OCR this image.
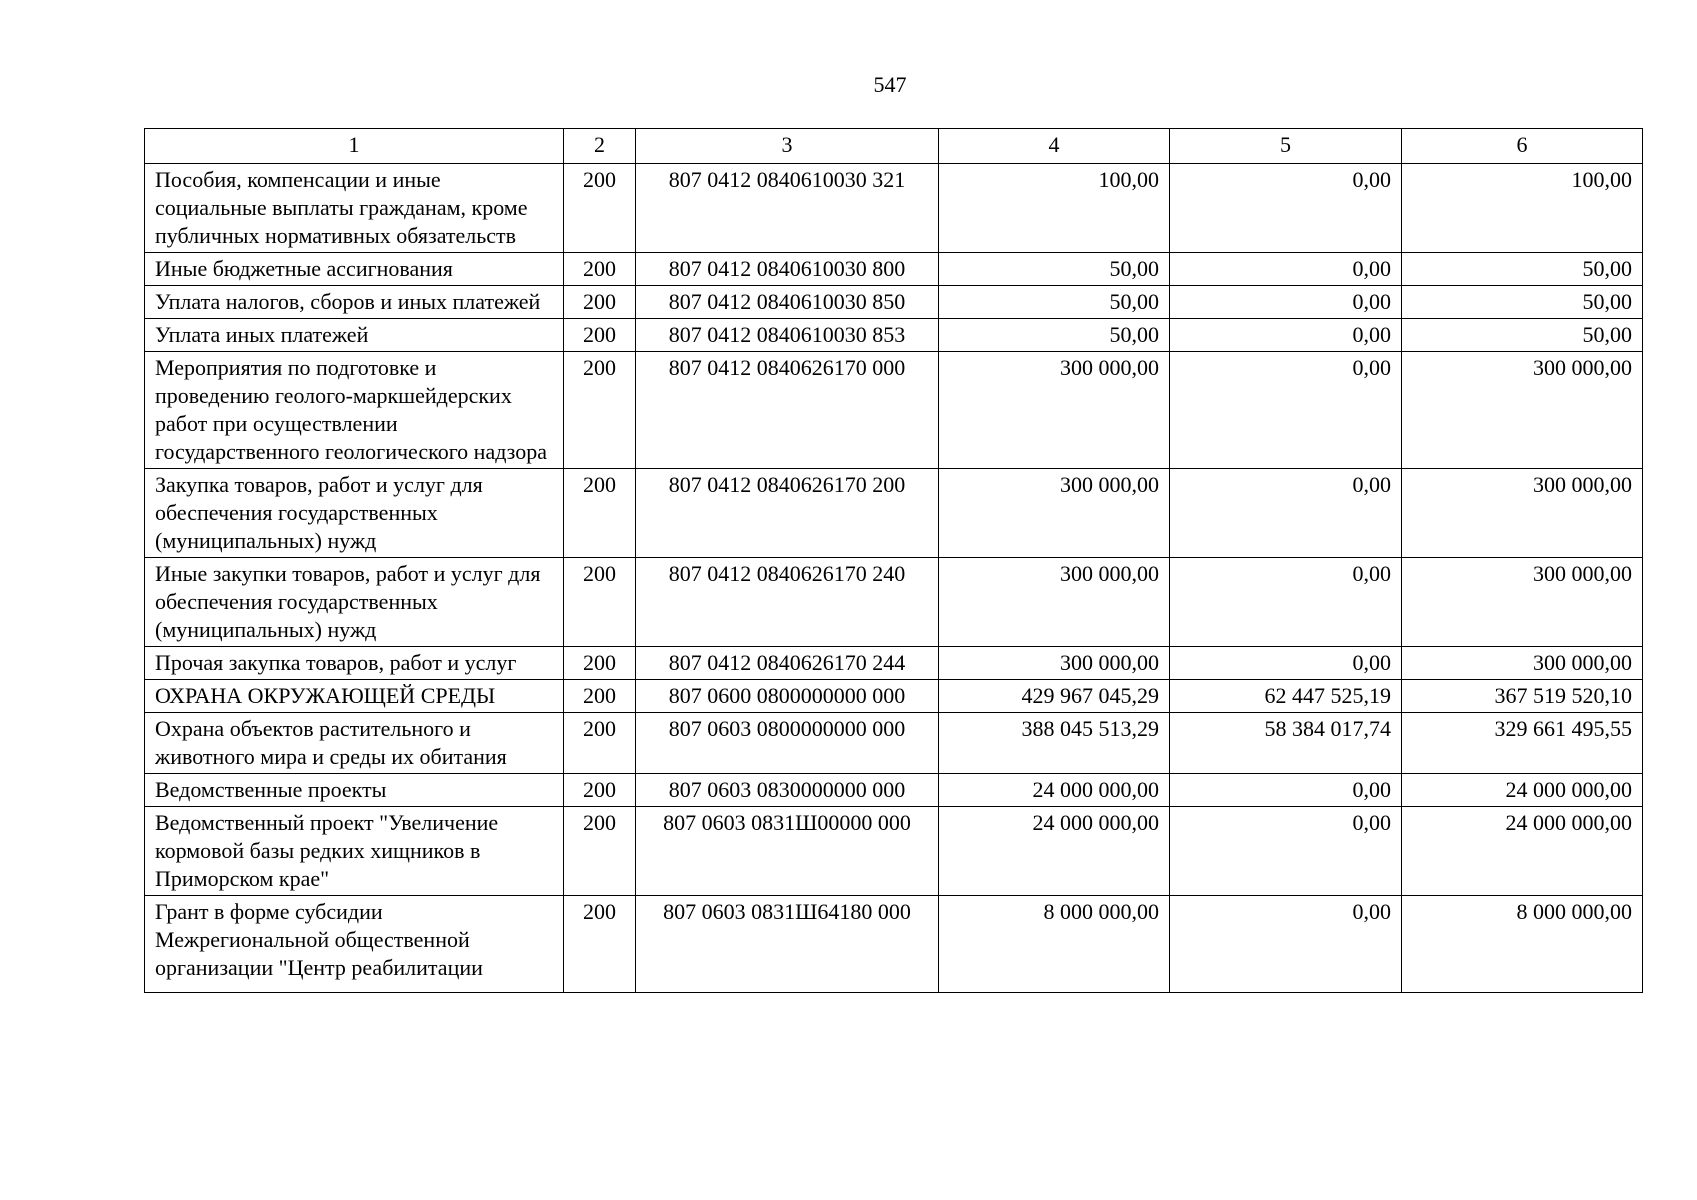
547
1	2	3	4	5	6
Пособия, компенсации и иные социальные выплаты гражданам, кроме публичных нормативных обязательств	200	807 0412 0840610030 321	100,00	0,00	100,00
Иные бюджетные ассигнования	200	807 0412 0840610030 800	50,00	0,00	50,00
Уплата налогов, сборов и иных платежей	200	807 0412 0840610030 850	50,00	0,00	50,00
Уплата иных платежей	200	807 0412 0840610030 853	50,00	0,00	50,00
Мероприятия по подготовке и проведению геолого-маркшейдерских работ при осуществлении государственного геологического надзора	200	807 0412 0840626170 000	300 000,00	0,00	300 000,00
Закупка товаров, работ и услуг для обеспечения государственных (муниципальных) нужд	200	807 0412 0840626170 200	300 000,00	0,00	300 000,00
Иные закупки товаров, работ и услуг для обеспечения государственных (муниципальных) нужд	200	807 0412 0840626170 240	300 000,00	0,00	300 000,00
Прочая закупка товаров, работ и услуг	200	807 0412 0840626170 244	300 000,00	0,00	300 000,00
ОХРАНА ОКРУЖАЮЩЕЙ СРЕДЫ	200	807 0600 0800000000 000	429 967 045,29	62 447 525,19	367 519 520,10
Охрана объектов растительного и животного мира и среды их обитания	200	807 0603 0800000000 000	388 045 513,29	58 384 017,74	329 661 495,55
Ведомственные проекты	200	807 0603 0830000000 000	24 000 000,00	0,00	24 000 000,00
Ведомственный проект "Увеличение кормовой базы редких хищников в Приморском крае"	200	807 0603 0831Ш00000 000	24 000 000,00	0,00	24 000 000,00
Грант в форме субсидии Межрегиональной общественной организации "Центр реабилитации	200	807 0603 0831Ш64180 000	8 000 000,00	0,00	8 000 000,00
